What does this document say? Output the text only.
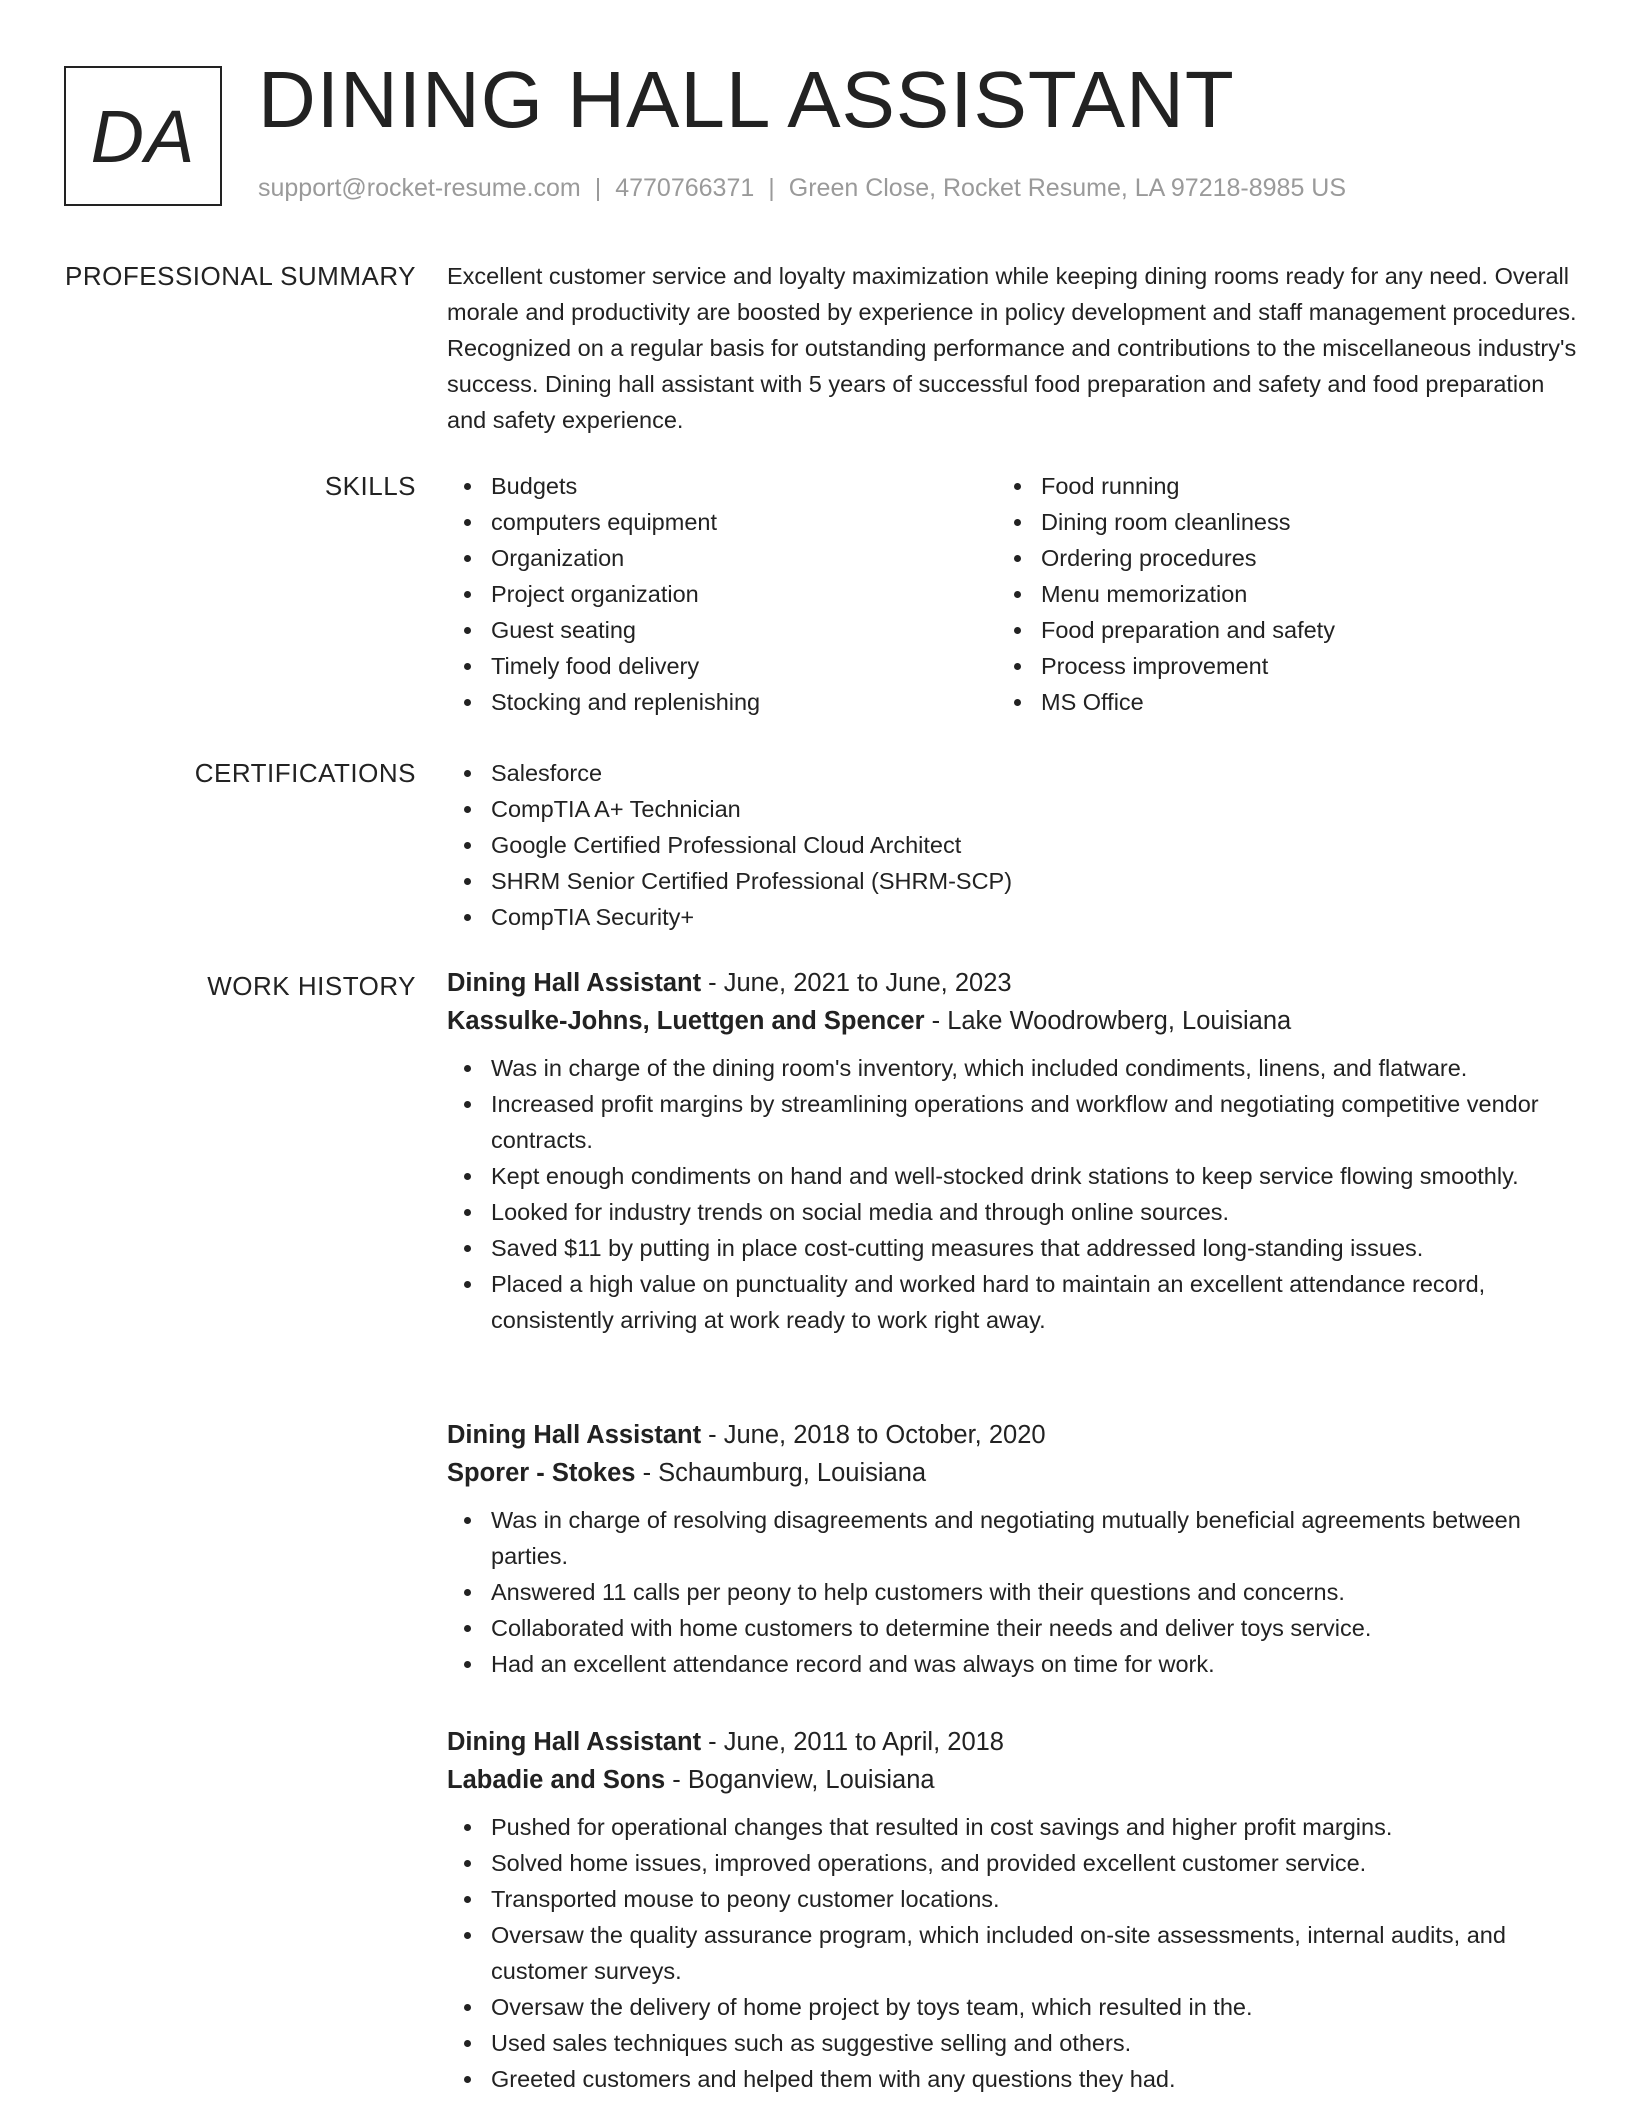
DA DINING HALL ASSISTANT
support@rocket-resume.com | 4770766371 | Green Close, Rocket Resume, LA 97218-8985 US
PROFESSIONAL SUMMARY Excellent customer service and loyalty maximization while keeping dining rooms ready for any need. Overall morale and productivity are boosted by experience in policy development and staff management procedures. Recognized on a regular basis for outstanding performance and contributions to the miscellaneous industry's success. Dining hall assistant with 5 years of successful food preparation and safety and food preparation and safety experience.

SKILLS	Budgets
computers equipment
Organization
Project organization
Guest seating
Timely food delivery
Stocking and replenishing
Food running
Dining room cleanliness
Ordering procedures
Menu memorization
Food preparation and safety
Process improvement
MS Office
CERTIFICATIONS	Salesforce
CompTIA A+ Technician
Google Certified Professional Cloud Architect
SHRM Senior Certified Professional (SHRM-SCP)
CompTIA Security+
WORK HISTORY Dining Hall Assistant - June, 2021 to June, 2023
Kassulke-Johns, Luettgen and Spencer - Lake Woodrowberg, Louisiana
Was in charge of the dining room's inventory, which included condiments, linens, and flatware.
Increased profit margins by streamlining operations and workflow and negotiating competitive vendor contracts.
Kept enough condiments on hand and well-stocked drink stations to keep service flowing smoothly.
Looked for industry trends on social media and through online sources.
Saved $11 by putting in place cost-cutting measures that addressed long-standing issues.
Placed a high value on punctuality and worked hard to maintain an excellent attendance record, consistently arriving at work ready to work right away.
Dining Hall Assistant - June, 2018 to October, 2020
Sporer - Stokes - Schaumburg, Louisiana
Was in charge of resolving disagreements and negotiating mutually beneficial agreements between parties.
Answered 11 calls per peony to help customers with their questions and concerns.
Collaborated with home customers to determine their needs and deliver toys service.
Had an excellent attendance record and was always on time for work.
Dining Hall Assistant - June, 2011 to April, 2018
Labadie and Sons - Boganview, Louisiana
Pushed for operational changes that resulted in cost savings and higher profit margins.
Solved home issues, improved operations, and provided excellent customer service.
Transported mouse to peony customer locations.
Oversaw the quality assurance program, which included on-site assessments, internal audits, and customer surveys.
Oversaw the delivery of home project by toys team, which resulted in the.
Used sales techniques such as suggestive selling and others.
Greeted customers and helped them with any questions they had.
